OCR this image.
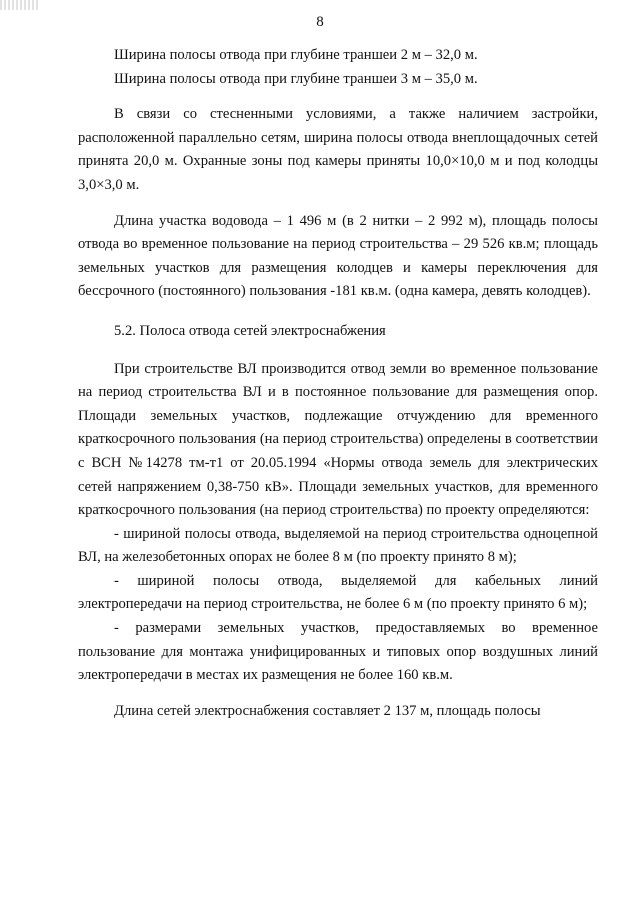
8

Ширина полосы отвода при глубине траншеи 2 м – 32,0 м.

Ширина полосы отвода при глубине траншеи 3 м – 35,0 м.

В связи со стесненными условиями, а также наличием застройки, расположенной параллельно сетям, ширина полосы отвода внеплощадочных сетей принята 20,0 м. Охранные зоны под камеры приняты 10,0×10,0 м и под колодцы 3,0×3,0 м.

Длина участка водовода – 1 496 м (в 2 нитки – 2 992 м), площадь полосы отвода во временное пользование на период строительства – 29 526 кв.м; площадь земельных участков для размещения колодцев и камеры переключения для бессрочного (постоянного) пользования -181 кв.м. (одна камера, девять колодцев).

5.2. Полоса отвода сетей электроснабжения

При строительстве ВЛ производится отвод земли во временное пользование на период строительства ВЛ и в постоянное пользование для размещения опор. Площади земельных участков, подлежащие отчуждению для временного краткосрочного пользования (на период строительства) определены в соответствии с ВСН №14278 тм-т1 от 20.05.1994 «Нормы отвода земель для электрических сетей напряжением 0,38-750 кВ». Площади земельных участков, для временного краткосрочного пользования (на период строительства) по проекту определяются:

- шириной полосы отвода, выделяемой на период строительства одноцепной ВЛ, на железобетонных опорах не более 8 м (по проекту принято 8 м);

- шириной полосы отвода, выделяемой для кабельных линий электропередачи на период строительства, не более 6 м (по проекту принято 6 м);

- размерами земельных участков, предоставляемых во временное пользование для монтажа унифицированных и типовых опор воздушных линий электропередачи в местах их размещения не более 160 кв.м.

Длина сетей электроснабжения составляет 2 137 м, площадь полосы
